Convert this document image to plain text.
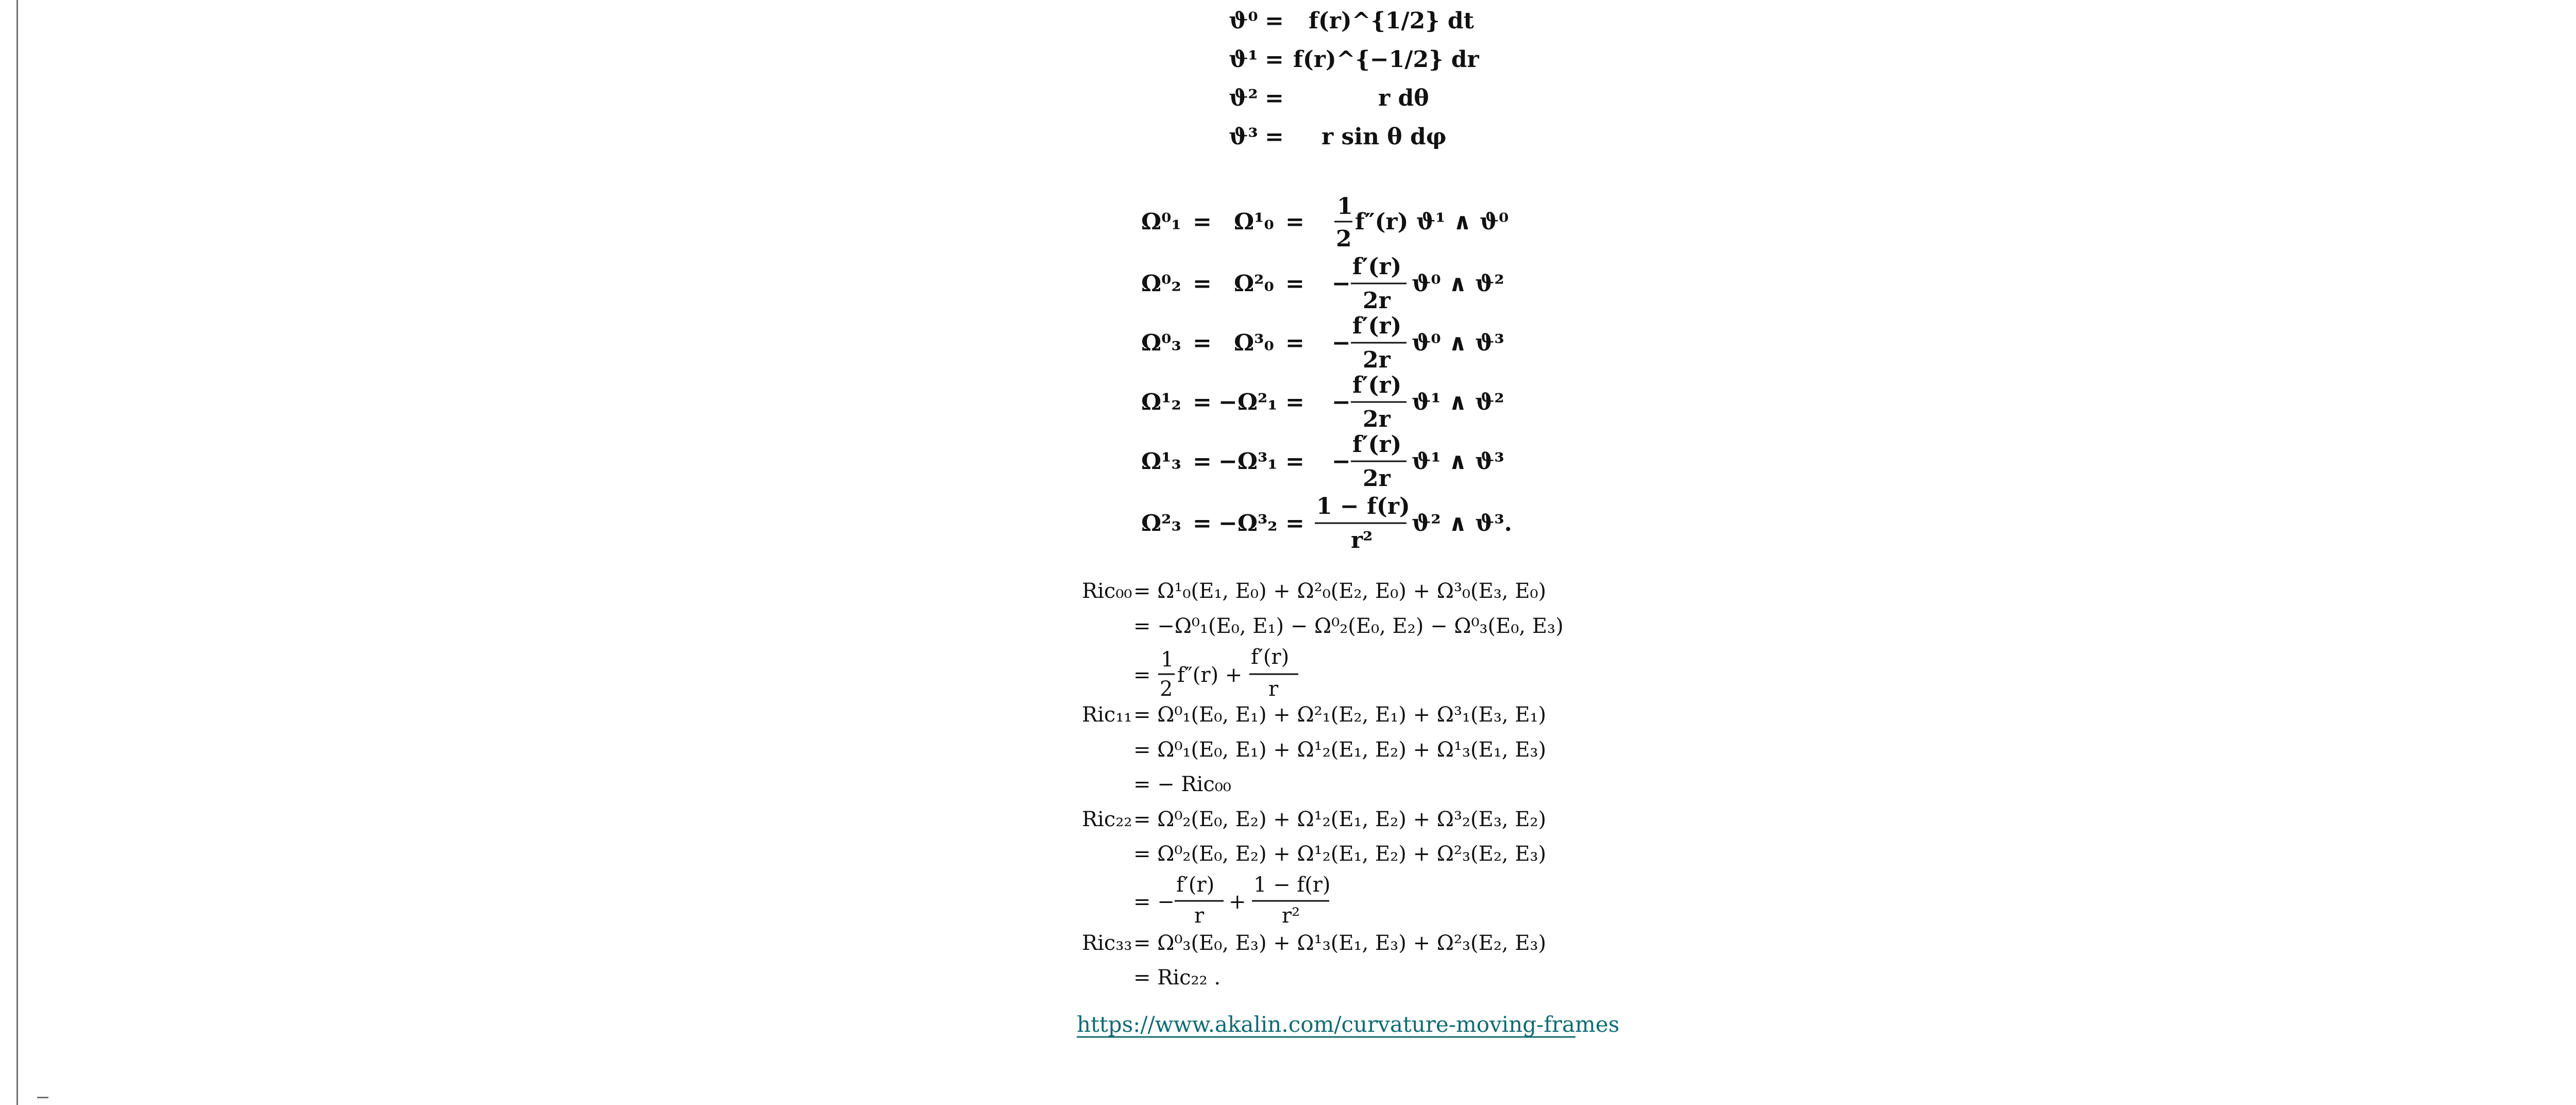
ϑ⁰ = f(r)^{1/2} dt
ϑ¹ = f(r)^{−1/2} dr
ϑ² =	r dθ
ϑ³ = r sin θ dφ
Ω⁰₁ = Ω¹₀ =
1
2
f″(r) ϑ¹ ∧ ϑ⁰
Ω⁰₂ = Ω²₀ = −
f′(r)
2r
ϑ⁰ ∧ ϑ²
Ω⁰₃ = Ω³₀ = −
f′(r)
2r
ϑ⁰ ∧ ϑ³
Ω¹₂ = −Ω²₁ = −
f′(r)
2r
ϑ¹ ∧ ϑ²
Ω¹₃ = −Ω³₁ = −
f′(r)
2r
ϑ¹ ∧ ϑ³
Ω²₃ = −Ω³₂ =
1 − f(r)
r²
ϑ² ∧ ϑ³.
Ric₀₀ = Ω¹₀(E₁, E₀) + Ω²₀(E₂, E₀) + Ω³₀(E₃, E₀)
= −Ω⁰₁(E₀, E₁) − Ω⁰₂(E₀, E₂) − Ω⁰₃(E₀, E₃)
=
1
2
f″(r) +
f′(r)
r
Ric₁₁ = Ω⁰₁(E₀, E₁) + Ω²₁(E₂, E₁) + Ω³₁(E₃, E₁)
= Ω⁰₁(E₀, E₁) + Ω¹₂(E₁, E₂) + Ω¹₃(E₁, E₃)
= − Ric₀₀
Ric₂₂ = Ω⁰₂(E₀, E₂) + Ω¹₂(E₁, E₂) + Ω³₂(E₃, E₂)
= Ω⁰₂(E₀, E₂) + Ω¹₂(E₁, E₂) + Ω²₃(E₂, E₃)
= −
f′(r)
r
+
1 − f(r)
r²
Ric₃₃ = Ω⁰₃(E₀, E₃) + Ω¹₃(E₁, E₃) + Ω²₃(E₂, E₃)
= Ric₂₂ .
https://www.akalin.com/curvature-moving-frames
